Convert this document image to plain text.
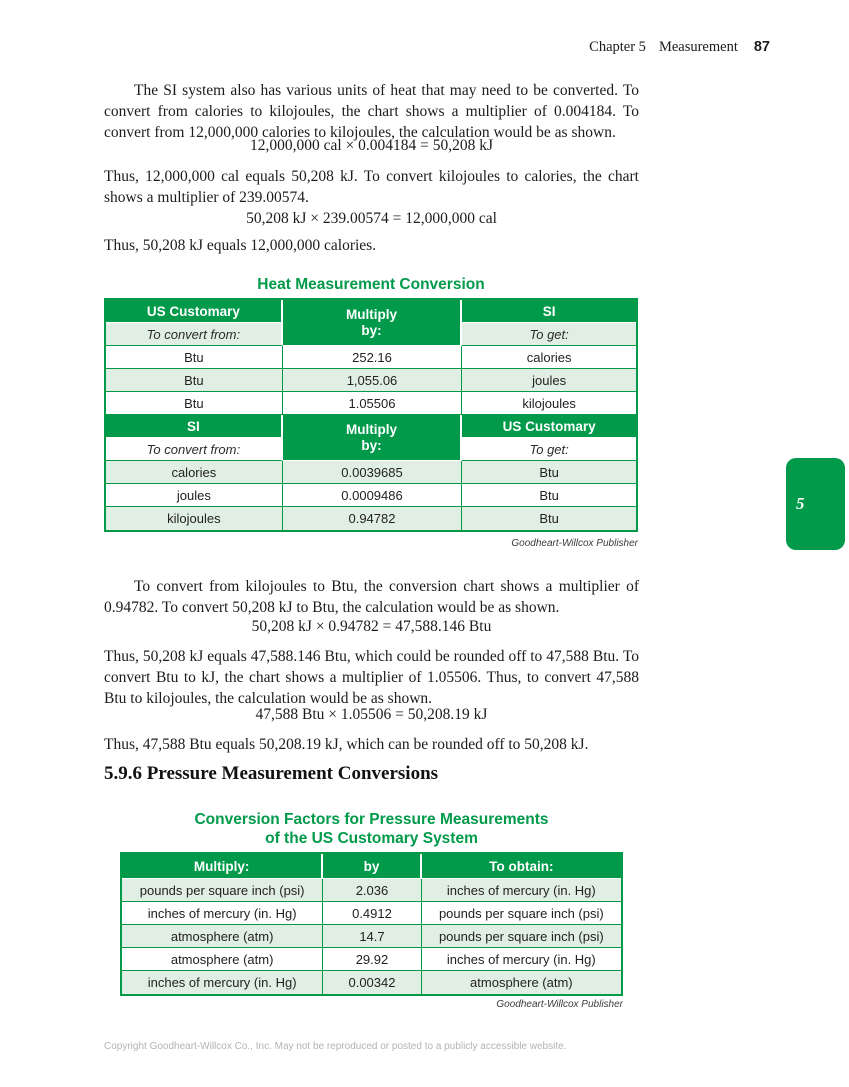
Chapter 5 Measurement 87

The SI system also has various units of heat that may need to be converted. To convert from calories to kilojoules, the chart shows a multiplier of 0.004184. To convert from 12,000,000 calories to kilojoules, the calculation would be as shown.

12,000,000 cal × 0.004184 = 50,208 kJ

Thus, 12,000,000 cal equals 50,208 kJ. To convert kilojoules to calories, the chart shows a multiplier of 239.00574.

50,208 kJ × 239.00574 = 12,000,000 cal

Thus, 50,208 kJ equals 12,000,000 calories.

Heat Measurement Conversion
US Customary	Multiply by:	SI
To convert from:		To get:
Btu	252.16	calories
Btu	1,055.06	joules
Btu	1.05506	kilojoules
SI	Multiply by:	US Customary
To convert from:		To get:
calories	0.0039685	Btu
joules	0.0009486	Btu
kilojoules	0.94782	Btu
Goodheart-Willcox Publisher

To convert from kilojoules to Btu, the conversion chart shows a multiplier of 0.94782. To convert 50,208 kJ to Btu, the calculation would be as shown.

50,208 kJ × 0.94782 = 47,588.146 Btu

Thus, 50,208 kJ equals 47,588.146 Btu, which could be rounded off to 47,588 Btu. To convert Btu to kJ, the chart shows a multiplier of 1.05506. Thus, to convert 47,588 Btu to kilojoules, the calculation would be as shown.

47,588 Btu × 1.05506 = 50,208.19 kJ

Thus, 47,588 Btu equals 50,208.19 kJ, which can be rounded off to 50,208 kJ.

5.9.6 Pressure Measurement Conversions
Conversion Factors for Pressure Measurements
of the US Customary System
Multiply:	by	To obtain:
pounds per square inch (psi)	2.036	inches of mercury (in. Hg)
inches of mercury (in. Hg)	0.4912	pounds per square inch (psi)
atmosphere (atm)	14.7	pounds per square inch (psi)
atmosphere (atm)	29.92	inches of mercury (in. Hg)
inches of mercury (in. Hg)	0.00342	atmosphere (atm)
Goodheart-Willcox Publisher
Copyright Goodheart-Willcox Co., Inc. May not be reproduced or posted to a publicly accessible website.
5
